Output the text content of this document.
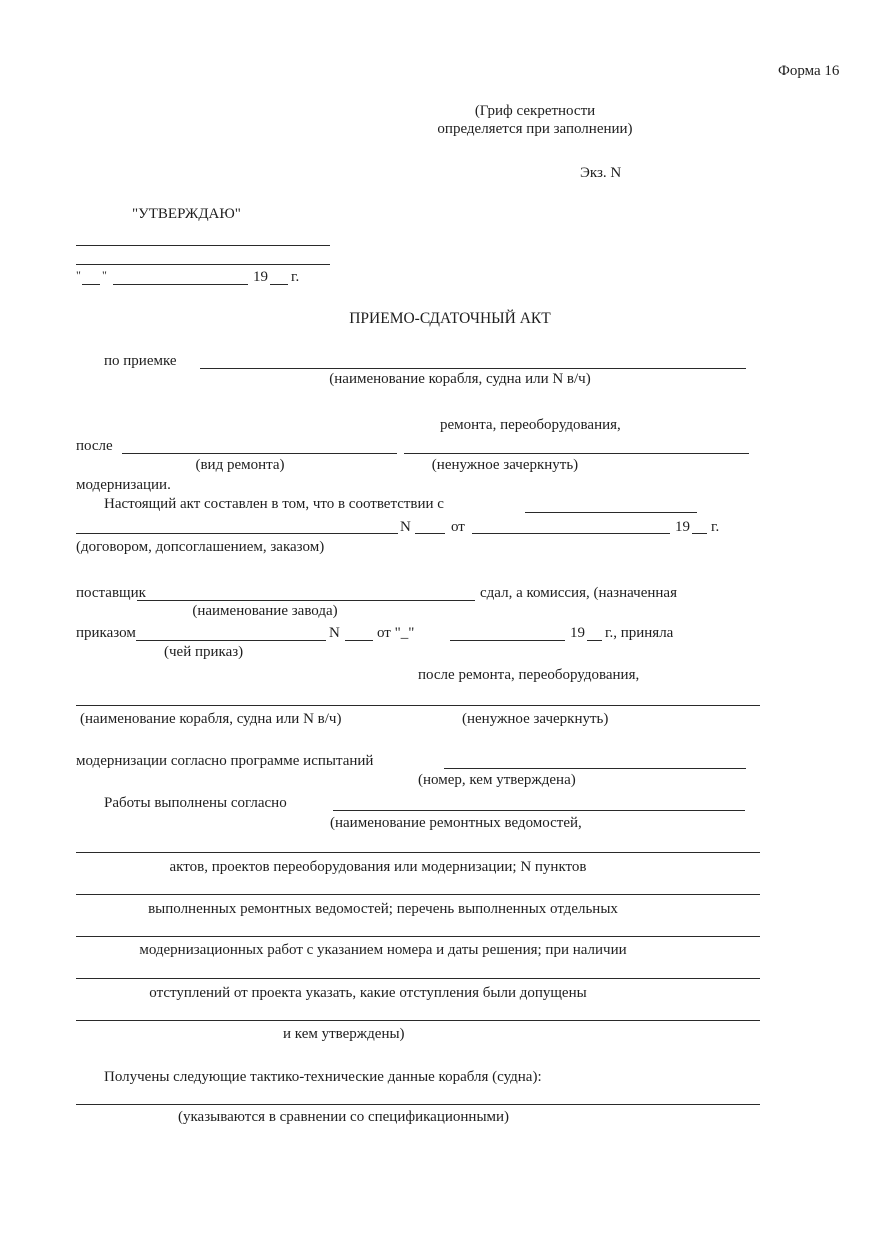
Форма 16
(Гриф секретности
определяется при заполнении)
Экз. N
"УТВЕРЖДАЮ"
" "	19 г.
ПРИЕМО-СДАТОЧНЫЙ АКТ
по приемке
(наименование корабля, судна или N в/ч)
ремонта, переоборудования,
после
(вид ремонта)	(ненужное зачеркнуть)
модернизации.
Настоящий акт составлен в том, что в соответствии с
N	от	19 г.
(договором, допсоглашением, заказом)
поставщик	сдал, а комиссия, (назначенная
(наименование завода)
приказом	N от "_"	19 г., приняла
(чей приказ)
после ремонта, переоборудования,
(наименование корабля, судна или N в/ч)	(ненужное зачеркнуть)
модернизации согласно программе испытаний
(номер, кем утверждена)
Работы выполнены согласно
(наименование ремонтных ведомостей,
актов, проектов переоборудования или модернизации; N пунктов
выполненных ремонтных ведомостей; перечень выполненных отдельных
модернизационных работ с указанием номера и даты решения; при наличии
отступлений от проекта указать, какие отступления были допущены
и кем утверждены)
Получены следующие тактико-технические данные корабля (судна):
(указываются в сравнении со спецификационными)
